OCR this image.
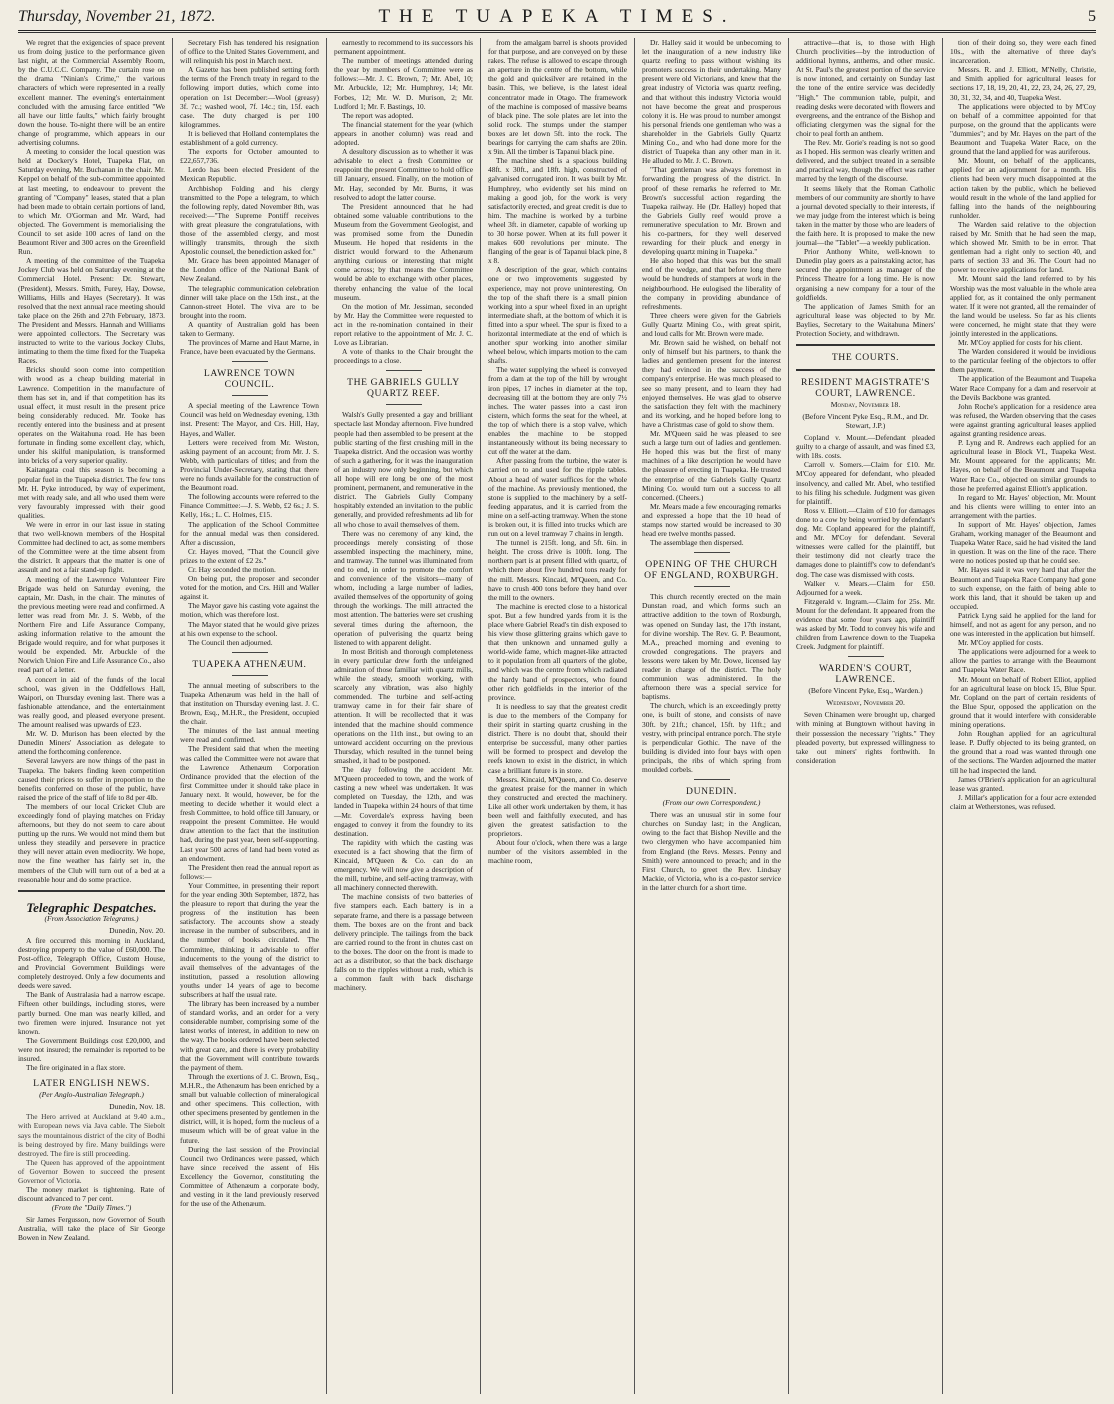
Thursday, November 21, 1872.	THE TUAPEKA TIMES.	5

We regret that the exigencies of space prevent us from doing justice to the performance given last night, at the Commercial Assembly Room, by the C.U.C.C. Company. The curtain rose on the drama "Ninian's Crime," the various characters of which were represented in a really excellent manner. The evening's entertainment concluded with the amusing farce entitled "We all have our little faults," which fairly brought down the house. To-night there will be an entire change of programme, which appears in our advertising columns.

A meeting to consider the local question was held at Dockery's Hotel, Tuapeka Flat, on Saturday evening, Mr. Buchanan in the chair. Mr. Keppel on behalf of the sub-committee appointed at last meeting, to endeavour to prevent the granting of "Company" leases, stated that a plan had been made to obtain certain portions of land, to which Mr. O'Gorman and Mr. Ward, had objected. The Government is memorialising the Council to set aside 100 acres of land on the Beaumont River and 300 acres on the Greenfield Run.

A meeting of the committee of the Tuapeka Jockey Club was held on Saturday evening at the Commercial Hotel. Present: Dr. Stewart, (President), Messrs. Smith, Furey, Hay, Dowse, Williams, Hills and Hayes (Secretary). It was resolved that the next annual race meeting should take place on the 26th and 27th February, 1873. The President and Messrs. Hannah and Williams were appointed collectors. The Secretary was instructed to write to the various Jockey Clubs, intimating to them the time fixed for the Tuapeka Races.

Bricks should soon come into competition with wood as a cheap building material in Lawrence. Competition in the manufacture of them has set in, and if that competition has its usual effect, it must result in the present price being considerably reduced. Mr. Tooke has recently entered into the business and at present operates on the Waitahuna road. He has been fortunate in finding some excellent clay, which, under his skilful manipulation, is transformed into bricks of a very superior quality.

Kaitangata coal this season is becoming a popular fuel in the Tuapeka district. The few tons Mr. H. Pyke introduced, by way of experiment, met with ready sale, and all who used them were very favourably impressed with their good qualities.

We were in error in our last issue in stating that two well-known members of the Hospital Committee had declined to act, as some members of the Committee were at the time absent from the district. It appears that the matter is one of assault and not a fair stand-up fight.

A meeting of the Lawrence Volunteer Fire Brigade was held on Saturday evening, the captain, Mr. Dash, in the chair. The minutes of the previous meeting were read and confirmed. A letter was read from Mr. J. S. Webb, of the Northern Fire and Life Assurance Company, asking information relative to the amount the Brigade would require, and for what purposes it would be expended. Mr. Arbuckle of the Norwich Union Fire and Life Assurance Co., also read part of a letter.

A concert in aid of the funds of the local school, was given in the Oddfellows Hall, Waipori, on Thursday evening last. There was a fashionable attendance, and the entertainment was really good, and pleased everyone present. The amount realised was upwards of £23.

Mr. W. D. Murison has been elected by the Dunedin Miners' Association as delegate to attend the forthcoming conference.

Several lawyers are now things of the past in Tuapeka. The bakers finding keen competition caused their prices to suffer in proportion to the benefits conferred on those of the public, have raised the price of the staff of life to 8d per 4lb.

The members of our local Cricket Club are exceedingly fond of playing matches on Friday afternoons, but they do not seem to care about putting up the runs. We would not mind them but unless they steadily and persevere in practice they will never attain even mediocrity. We hope, now the fine weather has fairly set in, the members of the Club will turn out of a bed at a reasonable hour and do some practice.

Telegraphic Despatches.
(From Association Telegrams.)
Dunedin, Nov. 20.

A fire occurred this morning in Auckland, destroying property to the value of £60,000. The Post-office, Telegraph Office, Custom House, and Provincial Government Buildings were completely destroyed. Only a few documents and deeds were saved.

The Bank of Australasia had a narrow escape. Fifteen other buildings, including stores, were partly burned. One man was nearly killed, and two firemen were injured. Insurance not yet known.

The Government Buildings cost £20,000, and were not insured; the remainder is reported to be insured.

The fire originated in a flax store.

LATER ENGLISH NEWS.
(Per Anglo-Australian Telegraph.)
Dunedin, Nov. 18.

The Hero arrived at Auckland at 9.40 a.m., with European news via Java cable. The Siebolt says the mountainous district of the city of Bodhi is being destroyed by fire. Many buildings were destroyed. The fire is still proceeding.

The Queen has approved of the appointment of Governor Bowen to succeed the present Governor of Victoria.

The money market is tightening. Rate of discount advanced to 7 per cent.

(From the "Daily Times.")

Sir James Fergusson, now Governor of South Australia, will take the place of Sir George Bowen in New Zealand.

Secretary Fish has tendered his resignation of office to the United States Government, and will relinquish his post in March next.

A Gazette has been published setting forth the terms of the French treaty in regard to the following import duties, which come into operation on 1st December:—Wool (greasy) 3f. 7c.; washed wool, 7f. 14c.; tin, 15f. each case. The duty charged is per 100 kilogrammes.

It is believed that Holland contemplates the establishment of a gold currency.

The exports for October amounted to £22,657,736.

Lerdo has been elected President of the Mexican Republic.

Archbishop Folding and his clergy transmitted to the Pope a telegram, to which the following reply, dated November 8th, was received:—"The Supreme Pontiff receives with great pleasure the congratulations, with those of the assembled clergy, and most willingly transmits, through the sixth Apostolic counsel, the benediction asked for."

Mr. Grace has been appointed Manager of the London office of the National Bank of New Zealand.

The telegraphic communication celebration dinner will take place on the 15th inst., at the Cannon-street Hotel. The viva are to be brought into the room.

A quantity of Australian gold has been taken to Germany.

The provinces of Marne and Haut Marne, in France, have been evacuated by the Germans.

LAWRENCE TOWN COUNCIL.

A special meeting of the Lawrence Town Council was held on Wednesday evening, 13th inst. Present: The Mayor, and Crs. Hill, Hay, Hayes, and Waller.

Letters were received from Mr. Weston, asking payment of an account; from Mr. J. S. Webb, with particulars of titles; and from the Provincial Under-Secretary, stating that there were no funds available for the construction of the Beaumont road.

The following accounts were referred to the Finance Committee:—J. S. Webb, £2 6s.; J. S. Kelly, 16s.; L. C. Holmes, £15.

The application of the School Committee for the annual medal was then considered. After a discussion,

Cr. Hayes moved, "That the Council give prizes to the extent of £2 2s."

Cr. Hay seconded the motion.

On being put, the proposer and seconder voted for the motion, and Crs. Hill and Waller against it.

The Mayor gave his casting vote against the motion, which was therefore lost.

The Mayor stated that he would give prizes at his own expense to the school.

The Council then adjourned.

TUAPEKA ATHENÆUM.

The annual meeting of subscribers to the Tuapeka Athenæum was held in the hall of that institution on Thursday evening last. J. C. Brown, Esq., M.H.R., the President, occupied the chair.

The minutes of the last annual meeting were read and confirmed.

The President said that when the meeting was called the Committee were not aware that the Lawrence Athenæum Corporation Ordinance provided that the election of the first Committee under it should take place in January next. It would, however, be for the meeting to decide whether it would elect a fresh Committee, to hold office till January, or reappoint the present Committee. He would draw attention to the fact that the institution had, during the past year, been self-supporting. Last year 500 acres of land had been voted as an endowment.

The President then read the annual report as follows:—

Your Committee, in presenting their report for the year ending 30th September, 1872, has the pleasure to report that during the year the progress of the institution has been satisfactory. The accounts show a steady increase in the number of subscribers, and in the number of books circulated. The Committee, thinking it advisable to offer inducements to the young of the district to avail themselves of the advantages of the institution, passed a resolution allowing youths under 14 years of age to become subscribers at half the usual rate.

The library has been increased by a number of standard works, and an order for a very considerable number, comprising some of the latest works of interest, in addition to new on the way. The books ordered have been selected with great care, and there is every probability that the Government will contribute towards the payment of them.

Through the exertions of J. C. Brown, Esq., M.H.R., the Athenæum has been enriched by a small but valuable collection of mineralogical and other specimens. This collection, with other specimens presented by gentlemen in the district, will, it is hoped, form the nucleus of a museum which will be of great value in the future.

During the last session of the Provincial Council two Ordinances were passed, which have since received the assent of His Excellency the Governor, constituting the Committee of Athenæum a corporate body, and vesting in it the land previously reserved for the use of the Athenæum.

earnestly to recommend to its successors his permanent appointment.

The number of meetings attended during the year by members of Committee were as follows:—Mr. J. C. Brown, 7; Mr. Abel, 10; Mr. Arbuckle, 12; Mr. Humphrey, 14; Mr. Forbes, 12; Mr. W. D. Murison, 2; Mr. Ludford 1; Mr. F. Bastings, 10.

The report was adopted.

The financial statement for the year (which appears in another column) was read and adopted.

A desultory discussion as to whether it was advisable to elect a fresh Committee or reappoint the present Committee to hold office till January, ensued. Finally, on the motion of Mr. Hay, seconded by Mr. Burns, it was resolved to adopt the latter course.

The President announced that he had obtained some valuable contributions to the Museum from the Government Geologist, and was promised some from the Dunedin Museum. He hoped that residents in the district would forward to the Athenæum anything curious or interesting that might come across; by that means the Committee would be able to exchange with other places, thereby enhancing the value of the local museum.

On the motion of Mr. Jessiman, seconded by Mr. Hay the Committee were requested to act in the re-nomination contained in their report relative to the appointment of Mr. J. C. Love as Librarian.

A vote of thanks to the Chair brought the proceedings to a close.

THE GABRIELS GULLY QUARTZ REEF.

Walsh's Gully presented a gay and brilliant spectacle last Monday afternoon. Five hundred people had then assembled to be present at the public starting of the first crushing mill in the Tuapeka district. And the occasion was worthy of such a gathering, for it was the inauguration of an industry now only beginning, but which all hope will ere long be one of the most prominent, permanent, and remunerative in the district. The Gabriels Gully Company hospitably extended an invitation to the public generally, and provided refreshments ad lib for all who chose to avail themselves of them.

There was no ceremony of any kind, the proceedings merely consisting of those assembled inspecting the machinery, mine, and tramway. The tunnel was illuminated from end to end, in order to promote the comfort and convenience of the visitors—many of whom, including a large number of ladies, availed themselves of the opportunity of going through the workings. The mill attracted the most attention. The batteries were set crushing several times during the afternoon, the operation of pulverising the quartz being listened to with apparent delight.

In most British and thorough completeness in every particular drew forth the unfeigned admiration of those familiar with quartz mills, while the steady, smooth working, with scarcely any vibration, was also highly commended. The turbine and self-acting tramway came in for their fair share of attention. It will be recollected that it was intended that the machine should commence operations on the 11th inst., but owing to an untoward accident occurring on the previous Thursday, which resulted in the tunnel being smashed, it had to be postponed.

The day following the accident Mr. M'Queen proceeded to town, and the work of casting a new wheel was undertaken. It was completed on Tuesday, the 12th, and was landed in Tuapeka within 24 hours of that time—Mr. Coverdale's express having been engaged to convey it from the foundry to its destination.

The rapidity with which the casting was executed is a fact showing that the firm of Kincaid, M'Queen & Co. can do an emergency. We will now give a description of the mill, turbine, and self-acting tramway, with all machinery connected therewith.

The machine consists of two batteries of five stampers each. Each battery is in a separate frame, and there is a passage between them. The boxes are on the front and back delivery principle. The tailings from the back are carried round to the front in chutes cast on to the boxes. The door on the front is made to act as a distributor, so that the back discharge falls on to the ripples without a rush, which is a common fault with back discharge machinery.

from the amalgam barrel is shoots provided for that purpose, and are conveyed on by these rakes. The refuse is allowed to escape through an aperture in the centre of the bottom, while the gold and quicksilver are retained in the basin. This, we believe, is the latest ideal concentrator made in Otago. The framework of the machine is composed of massive beams of black pine. The sole plates are let into the solid rock. The stumps under the stamper boxes are let down 5ft. into the rock. The bearings for carrying the cam shafts are 20in. x 9in. All the timber is Tapanui black pine.

The machine shed is a spacious building 48ft. x 30ft., and 18ft. high, constructed of galvanised corrugated iron. It was built by Mr. Humphrey, who evidently set his mind on making a good job, for the work is very satisfactorily erected, and great credit is due to him. The machine is worked by a turbine wheel 3ft. in diameter, capable of working up to 30 horse power. When at its full power it makes 600 revolutions per minute. The flanging of the gear is of Tapanui black pine, 8 x 8.

A description of the gear, which contains one or two improvements suggested by experience, may not prove uninteresting. On the top of the shaft there is a small pinion working into a spur wheel fixed in an upright intermediate shaft, at the bottom of which it is fitted into a spur wheel. The spur is fixed to a horizontal intermediate at the end of which is another spur working into another similar wheel below, which imparts motion to the cam shafts.

The water supplying the wheel is conveyed from a dam at the top of the hill by wrought iron pipes, 17 inches in diameter at the top, decreasing till at the bottom they are only 7½ inches. The water passes into a cast iron cistern, which forms the seat for the wheel, at the top of which there is a stop valve, which enables the machine to be stopped instantaneously without its being necessary to cut off the water at the dam.

After passing from the turbine, the water is carried on to and used for the ripple tables. About a head of water suffices for the whole of the machine. As previously mentioned, the stone is supplied to the machinery by a self-feeding apparatus, and it is carried from the mine on a self-acting tramway. When the stone is broken out, it is filled into trucks which are run out on a level tramway 7 chains in length.

The tunnel is 215ft. long, and 5ft. 6in. in height. The cross drive is 100ft. long. The northern part is at present filled with quartz, of which there about five hundred tons ready for the mill. Messrs. Kincaid, M'Queen, and Co. have to crush 400 tons before they hand over the mill to the owners.

The machine is erected close to a historical spot. But a few hundred yards from it is the place where Gabriel Read's tin dish exposed to his view those glittering grains which gave to that then unknown and unnamed gully a world-wide fame, which magnet-like attracted to it population from all quarters of the globe, and which was the centre from which radiated the hardy band of prospectors, who found other rich goldfields in the interior of the province.

It is needless to say that the greatest credit is due to the members of the Company for their spirit in starting quartz crushing in the district. There is no doubt that, should their enterprise be successful, many other parties will be formed to prospect and develop the reefs known to exist in the district, in which case a brilliant future is in store.

Messrs. Kincaid, M'Queen, and Co. deserve the greatest praise for the manner in which they constructed and erected the machinery. Like all other work undertaken by them, it has been well and faithfully executed, and has given the greatest satisfaction to the proprietors.

About four o'clock, when there was a large number of the visitors assembled in the machine room,

Dr. Halley said it would be unbecoming to let the inauguration of a new industry like quartz reefing to pass without wishing its promoters success in their undertaking. Many present were old Victorians, and knew that the great industry of Victoria was quartz reefing, and that without this industry Victoria would not have become the great and prosperous colony it is. He was proud to number amongst his personal friends one gentleman who was a shareholder in the Gabriels Gully Quartz Mining Co., and who had done more for the district of Tuapeka than any other man in it. He alluded to Mr. J. C. Brown.

"That gentleman was always foremost in forwarding the progress of the district. In proof of these remarks he referred to Mr. Brown's successful action regarding the Tuapeka railway. He (Dr. Halley) hoped that the Gabriels Gully reef would prove a remunerative speculation to Mr. Brown and his co-partners, for they well deserved rewarding for their pluck and energy in developing quartz mining in Tuapeka."

He also hoped that this was but the small end of the wedge, and that before long there would be hundreds of stampers at work in the neighbourhood. He eulogised the liberality of the company in providing abundance of refreshments.

Three cheers were given for the Gabriels Gully Quartz Mining Co., with great spirit, and loud calls for Mr. Brown were made.

Mr. Brown said he wished, on behalf not only of himself but his partners, to thank the ladies and gentlemen present for the interest they had evinced in the success of the company's enterprise. He was much pleased to see so many present, and to learn they had enjoyed themselves. He was glad to observe the satisfaction they felt with the machinery and its working, and he hoped before long to have a Christmas case of gold to show them.

Mr. M'Queen said he was pleased to see such a large turn out of ladies and gentlemen. He hoped this was but the first of many machines of a like description he would have the pleasure of erecting in Tuapeka. He trusted the enterprise of the Gabriels Gully Quartz Mining Co. would turn out a success to all concerned. (Cheers.)

Mr. Mears made a few encouraging remarks and expressed a hope that the 10 head of stamps now started would be increased to 30 head ere twelve months passed.

The assemblage then dispersed.

OPENING OF THE CHURCH OF ENGLAND, ROXBURGH.

This church recently erected on the main Dunstan road, and which forms such an attractive addition to the town of Roxburgh, was opened on Sunday last, the 17th instant, for divine worship. The Rev. G. P. Beaumont, M.A., preached morning and evening to crowded congregations. The prayers and lessons were taken by Mr. Dowe, licensed lay reader in charge of the district. The holy communion was administered. In the afternoon there was a special service for baptisms.

The church, which is an exceedingly pretty one, is built of stone, and consists of nave 30ft. by 21ft.; chancel, 15ft. by 11ft.; and vestry, with principal entrance porch. The style is perpendicular Gothic. The nave of the building is divided into four bays with open principals, the ribs of which spring from moulded corbels.

DUNEDIN.
(From our own Correspondent.)

There was an unusual stir in some four churches on Sunday last; in the Anglican, owing to the fact that Bishop Neville and the two clergymen who have accompanied him from England (the Revs. Messrs. Penny and Smith) were announced to preach; and in the First Church, to greet the Rev. Lindsay Mackie, of Victoria, who is a co-pastor service in the latter church for a short time.

attractive—that is, to those with High Church proclivities—by the introduction of additional hymns, anthems, and other music. At St. Paul's the greatest portion of the service is now intoned, and certainly on Sunday last the tone of the entire service was decidedly "High." The communion table, pulpit, and reading desks were decorated with flowers and evergreens, and the entrance of the Bishop and officiating clergymen was the signal for the choir to peal forth an anthem.

The Rev. Mr. Gorie's reading is not so good as I hoped. His sermon was clearly written and delivered, and the subject treated in a sensible and practical way, though the effect was rather marred by the length of the discourse.

It seems likely that the Roman Catholic members of our community are shortly to have a journal devoted specially to their interests, if we may judge from the interest which is being taken in the matter by those who are leaders of the faith here. It is proposed to make the new journal—the "Tablet"—a weekly publication.

Prior Anthony White, well-known to Dunedin play goers as a painstaking actor, has secured the appointment as manager of the Princess Theatre for a long time. He is now organising a new company for a tour of the goldfields.

The application of James Smith for an agricultural lease was objected to by Mr. Baylies, Secretary to the Waitahuna Miners' Protection Society, and withdrawn.

THE COURTS.
RESIDENT MAGISTRATE'S COURT, LAWRENCE.
Monday, November 18.
(Before Vincent Pyke Esq., R.M., and Dr. Stewart, J.P.)

Copland v. Mount.—Defendant pleaded guilty to a charge of assault, and was fined £3, with 18s. costs.

Carroll v. Somers.—Claim for £10. Mr. M'Coy appeared for defendant, who pleaded insolvency, and called Mr. Abel, who testified to his filing his schedule. Judgment was given for plaintiff.

Ross v. Elliott.—Claim of £10 for damages done to a cow by being worried by defendant's dog. Mr. Copland appeared for the plaintiff, and Mr. M'Coy for defendant. Several witnesses were called for the plaintiff, but their testimony did not clearly trace the damages done to plaintiff's cow to defendant's dog. The case was dismissed with costs.

Walker v. Mears.—Claim for £50. Adjourned for a week.

Fitzgerald v. Ingram.—Claim for 25s. Mr. Mount for the defendant. It appeared from the evidence that some four years ago, plaintiff was asked by Mr. Todd to convey his wife and children from Lawrence down to the Tuapeka Creek. Judgment for plaintiff.

WARDEN'S COURT, LAWRENCE.
(Before Vincent Pyke, Esq., Warden.)
Wednesday, November 20.

Seven Chinamen were brought up, charged with mining at Bungtown without having in their possession the necessary "rights." They pleaded poverty, but expressed willingness to take out miners' rights forthwith. In consideration

tion of their doing so, they were each fined 10s., with the alternative of three day's incarceration.

Messrs. R. and J. Elliott, M'Nelly, Christie, and Smith applied for agricultural leases for sections 17, 18, 19, 20, 41, 22, 23, 24, 26, 27, 29, 30, 31, 32, 34, and 40, Tuapeka West.

The applications were objected to by M'Coy on behalf of a committee appointed for that purpose, on the ground that the applicants were "dummies"; and by Mr. Hayes on the part of the Beaumont and Tuapeka Water Race, on the ground that the land applied for was auriferous.

Mr. Mount, on behalf of the applicants, applied for an adjournment for a month. His clients had been very much disappointed at the action taken by the public, which he believed would result in the whole of the land applied for falling into the hands of the neighbouring runholder.

The Warden said relative to the objection raised by Mr. Smith that he had seen the map, which showed Mr. Smith to be in error. That gentleman had a right only to section 40, and parts of section 33 and 36. The Court had no power to receive applications for land.

Mr. Mount said the land referred to by his Worship was the most valuable in the whole area applied for, as it contained the only permanent water. If it were not granted, all the remainder of the land would be useless. So far as his clients were concerned, he might state that they were jointly interested in the applications.

Mr. M'Coy applied for costs for his client.

The Warden considered it would be invidious to the particular feeling of the objectors to offer them payment.

The application of the Beaumont and Tuapeka Water Race Company for a dam and reservoir at the Devils Backbone was granted.

John Roche's application for a residence area was refused, the Warden observing that the cases were against granting agricultural leases applied against granting residence areas.

P. Lyng and R. Andrews each applied for an agricultural lease in Block VI., Tuapeka West. Mr. Mount appeared for the applicants; Mr. Hayes, on behalf of the Beaumont and Tuapeka Water Race Co., objected on similar grounds to those he preferred against Elliott's application.

In regard to Mr. Hayes' objection, Mr. Mount and his clients were willing to enter into an arrangement with the parties.

In support of Mr. Hayes' objection, James Graham, working manager of the Beaumont and Tuapeka Water Race, said he had visited the land in question. It was on the line of the race. There were no notices posted up that he could see.

Mr. Hayes said it was very hard that after the Beaumont and Tuapeka Race Company had gone to such expense, on the faith of being able to work this land, that it should be taken up and occupied.

Patrick Lyng said he applied for the land for himself, and not as agent for any person, and no one was interested in the application but himself.

Mr. M'Coy applied for costs.

The applications were adjourned for a week to allow the parties to arrange with the Beaumont and Tuapeka Water Race.

Mr. Mount on behalf of Robert Elliot, applied for an agricultural lease on block 15, Blue Spur. Mr. Copland on the part of certain residents of the Blue Spur, opposed the application on the ground that it would interfere with considerable mining operations.

John Roughan applied for an agricultural lease. P. Duffy objected to its being granted, on the ground that a road was wanted through one of the sections. The Warden adjourned the matter till he had inspected the land.

James O'Brien's application for an agricultural lease was granted.

J. Millar's application for a four acre extended claim at Wetherstones, was refused.
